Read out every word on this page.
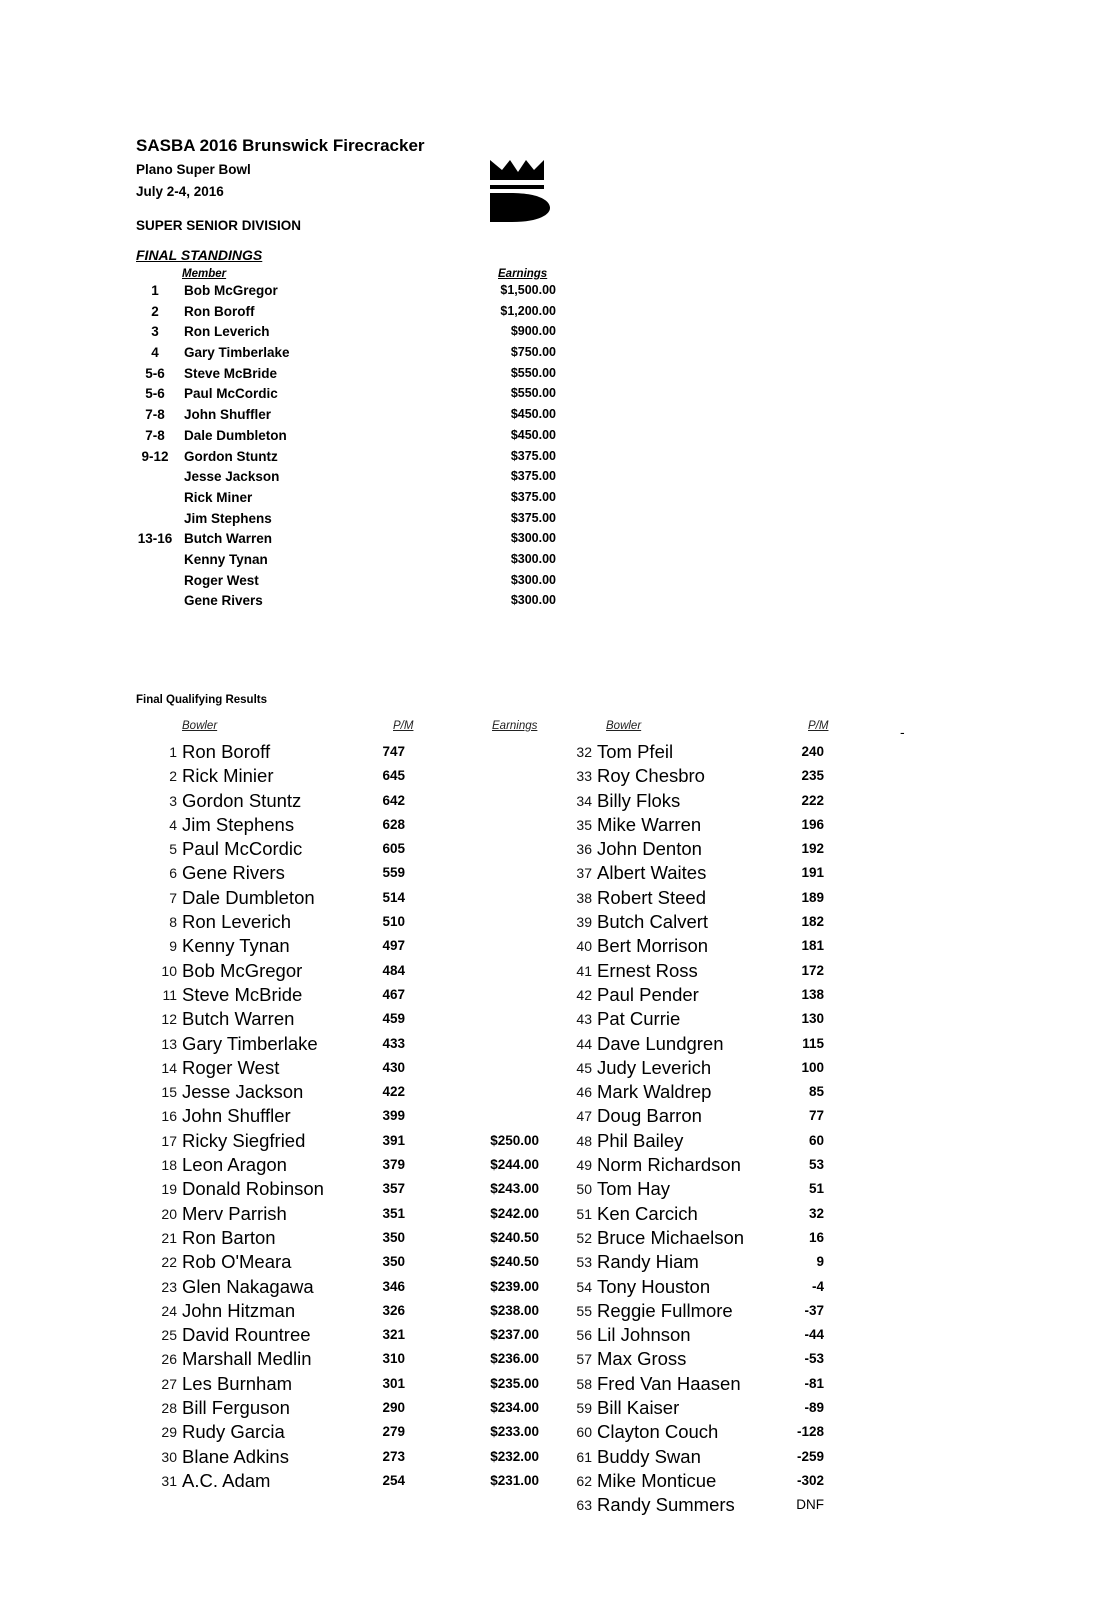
SASBA 2016 Brunswick Firecracker
Plano Super Bowl
July 2-4, 2016
SUPER SENIOR DIVISION
FINAL STANDINGS
Member	Earnings
1	Bob McGregor	$1,500.00
2	Ron Boroff	$1,200.00
3	Ron Leverich	$900.00
4	Gary Timberlake	$750.00
5-6	Steve McBride	$550.00
5-6	Paul McCordic	$550.00
7-8	John Shuffler	$450.00
7-8	Dale Dumbleton	$450.00
9-12	Gordon Stuntz	$375.00
Jesse Jackson	$375.00
Rick Miner	$375.00
Jim Stephens	$375.00
13-16 Butch Warren	$300.00
Kenny Tynan	$300.00
Roger West	$300.00
Gene Rivers	$300.00
Final Qualifying Results
Bowler	P/M	Earnings	Bowler	P/M	-
1 Ron Boroff	747
2 Rick Minier	645
3 Gordon Stuntz	642
4 Jim Stephens	628
5 Paul McCordic	605
6 Gene Rivers	559
7 Dale Dumbleton	514
8 Ron Leverich	510
9 Kenny Tynan	497
10 Bob McGregor	484
11 Steve McBride	467
12 Butch Warren	459
13 Gary Timberlake	433
14 Roger West	430
15 Jesse Jackson	422
16 John Shuffler	399
17 Ricky Siegfried	391	$250.00
18 Leon Aragon	379	$244.00
19 Donald Robinson	357	$243.00
20 Merv Parrish	351	$242.00
21 Ron Barton	350	$240.50
22 Rob O'Meara	350	$240.50
23 Glen Nakagawa	346	$239.00
24 John Hitzman	326	$238.00
25 David Rountree	321	$237.00
26 Marshall Medlin	310	$236.00
27 Les Burnham	301	$235.00
28 Bill Ferguson	290	$234.00
29 Rudy Garcia	279	$233.00
30 Blane Adkins	273	$232.00
31 A.C. Adam	254	$231.00
32 Tom Pfeil	240
33 Roy Chesbro	235
34 Billy Floks	222
35 Mike Warren	196
36 John Denton	192
37 Albert Waites	191
38 Robert Steed	189
39 Butch Calvert	182
40 Bert Morrison	181
41 Ernest Ross	172
42 Paul Pender	138
43 Pat Currie	130
44 Dave Lundgren	115
45 Judy Leverich	100
46 Mark Waldrep	85
47 Doug Barron	77
48 Phil Bailey	60
49 Norm Richardson	53
50 Tom Hay	51
51 Ken Carcich	32
52 Bruce Michaelson	16
53 Randy Hiam	9
54 Tony Houston	-4
55 Reggie Fullmore	-37
56 Lil Johnson	-44
57 Max Gross	-53
58 Fred Van Haasen	-81
59 Bill Kaiser	-89
60 Clayton Couch	-128
61 Buddy Swan	-259
62 Mike Monticue	-302
63 Randy Summers	DNF
